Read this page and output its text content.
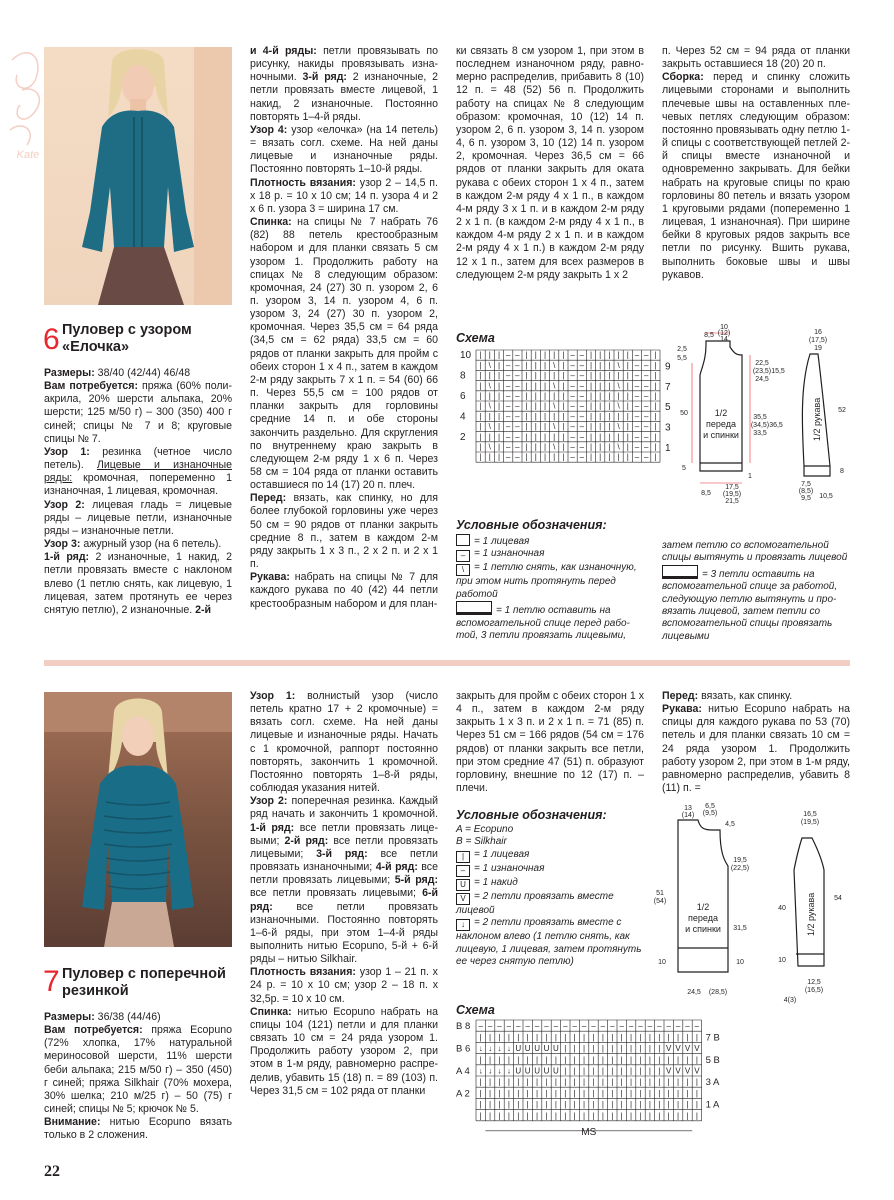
Kate
6 Пуловер с узором
«Елочка»

Размеры: 38/40 (42/44) 46/48

Вам потребуется: пряжа (60% полиакрила, 20% шерсти альпака, 20% шерсти; 125 м/50 г) – 300 (350) 400 г синей; спицы № 7 и 8; круговые спицы № 7.

Узор 1: резинка (четное число петель). Лицевые и изнаночные ряды: кромочная, попеременно 1 изнаночная, 1 лицевая, кромочная.

Узор 2: лицевая гладь = лицевые ряды – лицевые петли, изнаночные ряды – изнаночные петли.

Узор 3: ажурный узор (на 6 петель).

1-й ряд: 2 изнаночные, 1 накид, 2 петли провязать вместе с наклоном влево (1 петлю снять, как лицевую, 1 лицевая, затем протянуть ее через снятую петлю), 2 изнаночные. 2-й

и 4-й ряды: петли провязывать по рисунку, накиды провязывать изнаночными. 3-й ряд: 2 изнаночные, 2 петли провязать вместе лицевой, 1 накид, 2 изнаночные. Постоянно повторять 1–4-й ряды.

Узор 4: узор «елочка» (на 14 петель) = вязать согл. схеме. На ней даны лицевые и изнаночные ряды. Постоянно повторять 1–10-й ряды.

Плотность вязания: узор 2 – 14,5 п. х 18 р. = 10 х 10 см; 14 п. узора 4 и 2 х 6 п. узора 3 = ширина 17 см.

Спинка: на спицы № 7 набрать 76 (82) 88 петель крестообразным набором и для планки связать 5 см узором 1. Продолжить работу на спицах № 8 следующим образом: кромочная, 24 (27) 30 п. узором 2, 6 п. узором 3, 14 п. узором 4, 6 п. узором 3, 24 (27) 30 п. узором 2, кромочная. Через 35,5 см = 64 ряда (34,5 см = 62 ряда) 33,5 см = 60 рядов от планки закрыть для пройм с обеих сторон 1 х 4 п., затем в каждом 2-м ряду закрыть 7 х 1 п. = 54 (60) 66 п. Через 55,5 см = 100 рядов от планки закрыть для горловины средние 14 п. и обе стороны закончить раздельно. Для скругления по внутреннему краю закрыть в следующем 2-м ряду 1 х 6 п. Через 58 см = 104 ряда от планки оставить оставшиеся по 14 (17) 20 п. плеч.

Перед: вязать, как спинку, но для более глубокой горловины уже через 50 см = 90 рядов от планки закрыть средние 8 п., затем в каждом 2-м ряду закрыть 1 х 3 п., 2 х 2 п. и 2 х 1 п.

Рукава: набрать на спицы № 7 для каждого рукава по 40 (42) 44 петли крестообразным набором и для план-

ки связать 8 см узором 1, при этом в последнем изнаночном ряду, равномерно распределив, прибавить 8 (10) 12 п. = 48 (52) 56 п. Продолжить работу на спицах № 8 следующим образом: кромочная, 10 (12) 14 п. узором 2, 6 п. узором 3, 14 п. узором 4, 6 п. узором 3, 10 (12) 14 п. узором 2, кромочная. Через 36,5 см = 66 рядов от планки закрыть для оката рукава с обеих сторон 1 х 4 п., затем в каждом 2-м ряду 4 х 1 п., в каждом 4-м ряду 3 х 1 п. и в каждом 2-м ряду 2 х 1 п. (в каждом 2-м ряду 4 х 1 п., в каждом 4-м ряду 2 х 1 п. и в каждом 2-м ряду 4 х 1 п.) в каждом 2-м ряду 12 х 1 п., затем для всех размеров в следующем 2-м ряду закрыть 1 х 2

п. Через 52 см = 94 ряда от планки закрыть оставшиеся 18 (20) 20 п.

Сборка: перед и спинку сложить лицевыми сторонами и выполнить плечевые швы на оставленных плечевых петлях следующим образом: постоянно провязывать одну петлю 1-й спицы с соответствующей петлей 2-й спицы вместе изнаночной и одновременно закрывать. Для бейки набрать на круговые спицы по краю горловины 80 петель и вязать узором 1 круговыми рядами (попеременно 1 лицевая, 1 изнаночная). При ширине бейки 8 круговых рядов закрыть все петли по рисунку. Вшить рукава, выполнить боковые швы и швы рукавов.

Схема
| | | – – | | | | | – – | | | | | – – |
| \ | – – | | | \ | – – | | | \ | – – |
| | | – – | | | | | – – | | | | | – – |
| \ | – – | | | \ | – – | | | \ | – – |
| | | – – | | | | | – – | | | | | – – |
| \ | – – | | | \ | – – | | | \ | – – |
| | | – – | | | | | – – | | | | | – – |
| \ | – – | | | \ | – – | | | \ | – – |
| | | – – | | | | | – – | | | | | – – |
| \ | – – | | | \ | – – | | | \ | – – |
| | | – – | | | | | – – | | | | | – – |
10
8
6
4
2
9
7
5
3
1
8,5
10
(12)
14
2,5
5,5
22,5
(23,5)
24,5
15,5
35,5
(34,5)
33,5
36,5
50	1/2
переда
и спинки
5
8,5
17,5
(19,5)
21,5
1
16
(17,5)
19
52
8
7,5
(8,5)
9,5 10,5
1/2 рукава
Условные обозначения:

= 1 лицевая

– = 1 изнаночная

\ = 1 петлю снять, как изнаночную, при этом нить протянуть перед работой

= 1 петлю оставить на вспомогательной спице перед работой, 3 петли провязать лицевыми,

затем петлю со вспомогательной спицы вытянуть и провязать лицевой

= 3 петли оставить на вспомогательной спице за работой, следующую петлю вытянуть и провязать лицевой, затем петли со вспомогательной спицы провязать лицевыми

7 Пуловер с поперечной
резинкой

Размеры: 36/38 (44/46)

Вам потребуется: пряжа Ecopuno (72% хлопка, 17% натуральной мериносовой шерсти, 11% шерсти беби альпака; 215 м/50 г) – 350 (450) г синей; пряжа Silkhair (70% мохера, 30% шелка; 210 м/25 г) – 50 (75) г синей; спицы № 5; крючок № 5.

Внимание: нитью Ecopuno вязать только в 2 сложения.

Узор 1: волнистый узор (число петель кратно 17 + 2 кромочные) = вязать согл. схеме. На ней даны лицевые и изнаночные ряды. Начать с 1 кромочной, раппорт постоянно повторять, закончить 1 кромочной. Постоянно повторять 1–8-й ряды, соблюдая указания нитей.

Узор 2: поперечная резинка. Каждый ряд начать и закончить 1 кромочной. 1-й ряд: все петли провязать лицевыми; 2-й ряд: все петли провязать лицевыми; 3-й ряд: все петли провязать изнаночными; 4-й ряд: все петли провязать лицевыми; 5-й ряд: все петли провязать лицевыми; 6-й ряд: все петли провязать изнаночными. Постоянно повторять 1–6-й ряды, при этом 1–4-й ряды выполнить нитью Ecopuno, 5-й + 6-й ряды – нитью Silkhair.

Плотность вязания: узор 1 – 21 п. х 24 р. = 10 х 10 см; узор 2 – 18 п. х 32,5р. = 10 х 10 см.

Спинка: нитью Ecopuno набрать на спицы 104 (121) петли и для планки связать 10 см = 24 ряда узором 1. Продолжить работу узором 2, при этом в 1-м ряду, равномерно распределив, убавить 15 (18) п. = 89 (103) п. Через 31,5 см = 102 ряда от планки

закрыть для пройм с обеих сторон 1 х 4 п., затем в каждом 2-м ряду закрыть 1 х 3 п. и 2 х 1 п. = 71 (85) п. Через 51 см = 166 рядов (54 см = 176 рядов) от планки закрыть все петли, при этом средние 47 (51) п. образуют горловину, внешние по 12 (17) п. – плечи.

Перед: вязать, как спинку.

Рукава: нитью Ecopuno набрать на спицы для каждого рукава по 53 (70) петель и для планки связать 10 см = 24 ряда узором 1. Продолжить работу узором 2, при этом в 1-м ряду, равномерно распределив, убавить 8 (11) п. =

Условные обозначения:

A = Ecopuno

B = Silkhair

| = 1 лицевая

– = 1 изнаночная

U = 1 накид

V = 2 петли провязать вместе лицевой

↓ = 2 петли провязать вместе с наклоном влево (1 петлю снять, как лицевую, 1 лицевая, затем протянуть ее через снятую петлю)

Схема
– – – – – – – – – – – – – – – – – – – – – – – –
| | | | | | | | | | | | | | | | | | | | | | | |
↓ ↓ ↓ ↓ U U U U U | | | | | | | | | | | V V V V
| | | | | | | | | | | | | | | | | | | | | | | |
↓ ↓ ↓ ↓ U U U U U | | | | | | | | | | | V V V V
| | | | | | | | | | | | | | | | | | | | | | | |
| | | | | | | | | | | | | | | | | | | | | | | |
| | | | | | | | | | | | | | | | | | | | | | | |
| | | | | | | | | | | | | | | | | | | | | | | |
B 8
B 6
A 4
A 2
7 B
5 B
3 A
1 A
MS
6,5
(9,5)
13
(14)
4,5
19,5
(22,5)
31,5
51
(54)
1/2
переда
и спинки
10
10
24,5 (28,5)
16,5
(19,5)
54
40
10
4(3)
12,5
(16,5)
1/2 рукава
22
